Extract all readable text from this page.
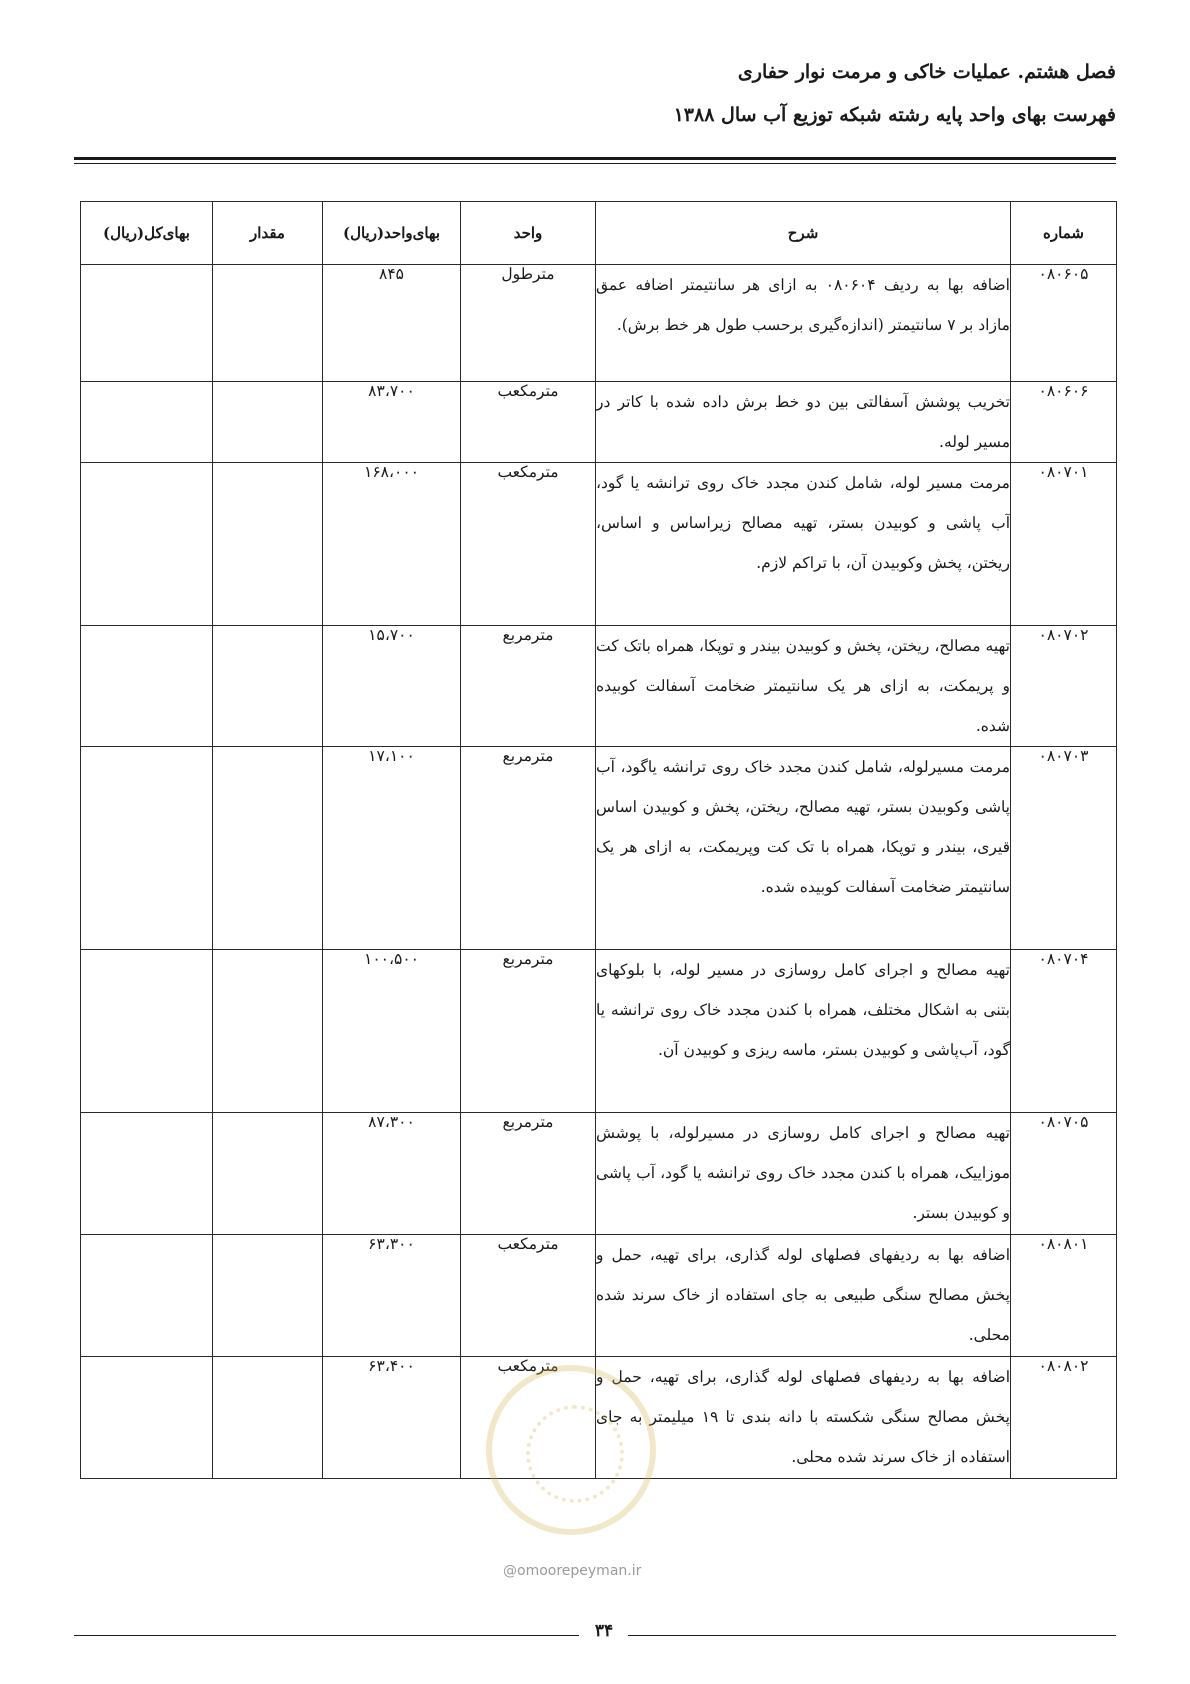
فصل هشتم. عملیات خاکی و مرمت نوار حفاری
فهرست بهای واحد پایه رشته شبکه توزیع آب سال ۱۳۸۸
شماره	شرح	واحد	بهای‌واحد(ریال)	مقدار	بهای‌کل(ریال)
۰۸۰۶۰۵	اضافه بها به ردیف ۰۸۰۶۰۴ به ازای هر سانتیمتر اضافه عمق مازاد بر ۷ سانتیمتر (اندازه‌گیری برحسب طول هر خط برش).	مترطول	۸۴۵		
۰۸۰۶۰۶	تخریب پوشش آسفالتی بین دو خط برش داده شده با کاتر در مسیر لوله.	مترمکعب	۸۳،۷۰۰		
۰۸۰۷۰۱	مرمت مسیر لوله، شامل کندن مجدد خاک روی ترانشه یا گود، آب پاشی و کوبیدن بستر، تهیه مصالح زیراساس و اساس، ریختن، پخش وکوبیدن آن، با تراکم لازم.	مترمکعب	۱۶۸،۰۰۰		
۰۸۰۷۰۲	تهیه مصالح، ریختن، پخش و کوبیدن بیندر و توپکا، همراه باتک کت و پریمکت، به ازای هر یک سانتیمتر ضخامت آسفالت کوبیده شده.	مترمربع	۱۵،۷۰۰		
۰۸۰۷۰۳	مرمت مسیرلوله، شامل کندن مجدد خاک روی ترانشه یاگود، آب پاشی وکوبیدن بستر، تهیه مصالح، ریختن، پخش و کوبیدن اساس قیری، بیندر و توپکا، همراه با تک کت وپریمکت، به ازای هر یک سانتیمتر ضخامت آسفالت کوبیده شده.	مترمربع	۱۷،۱۰۰		
۰۸۰۷۰۴	تهیه مصالح و اجرای کامل روسازی در مسیر لوله، با بلوکهای بتنی به اشکال مختلف، همراه با کندن مجدد خاک روی ترانشه یا گود، آب‌پاشی و کوبیدن بستر، ماسه ریزی و کوبیدن آن.	مترمربع	۱۰۰،۵۰۰		
۰۸۰۷۰۵	تهیه مصالح و اجرای کامل روسازی در مسیرلوله، با پوشش موزاییک، همراه با کندن مجدد خاک روی ترانشه یا گود، آب پاشی و کوبیدن بستر.	مترمربع	۸۷،۳۰۰		
۰۸۰۸۰۱	اضافه بها به ردیفهای فصلهای لوله گذاری، برای تهیه، حمل و پخش مصالح سنگی طبیعی به جای استفاده از خاک سرند شده محلی.	مترمکعب	۶۳،۳۰۰		
۰۸۰۸۰۲	اضافه بها به ردیفهای فصلهای لوله گذاری، برای تهیه، حمل و پخش مصالح سنگی شکسته با دانه بندی تا ۱۹ میلیمتر به جای استفاده از خاک سرند شده محلی.	مترمکعب	۶۳،۴۰۰		
@omoorepeyman.ir
۳۴
